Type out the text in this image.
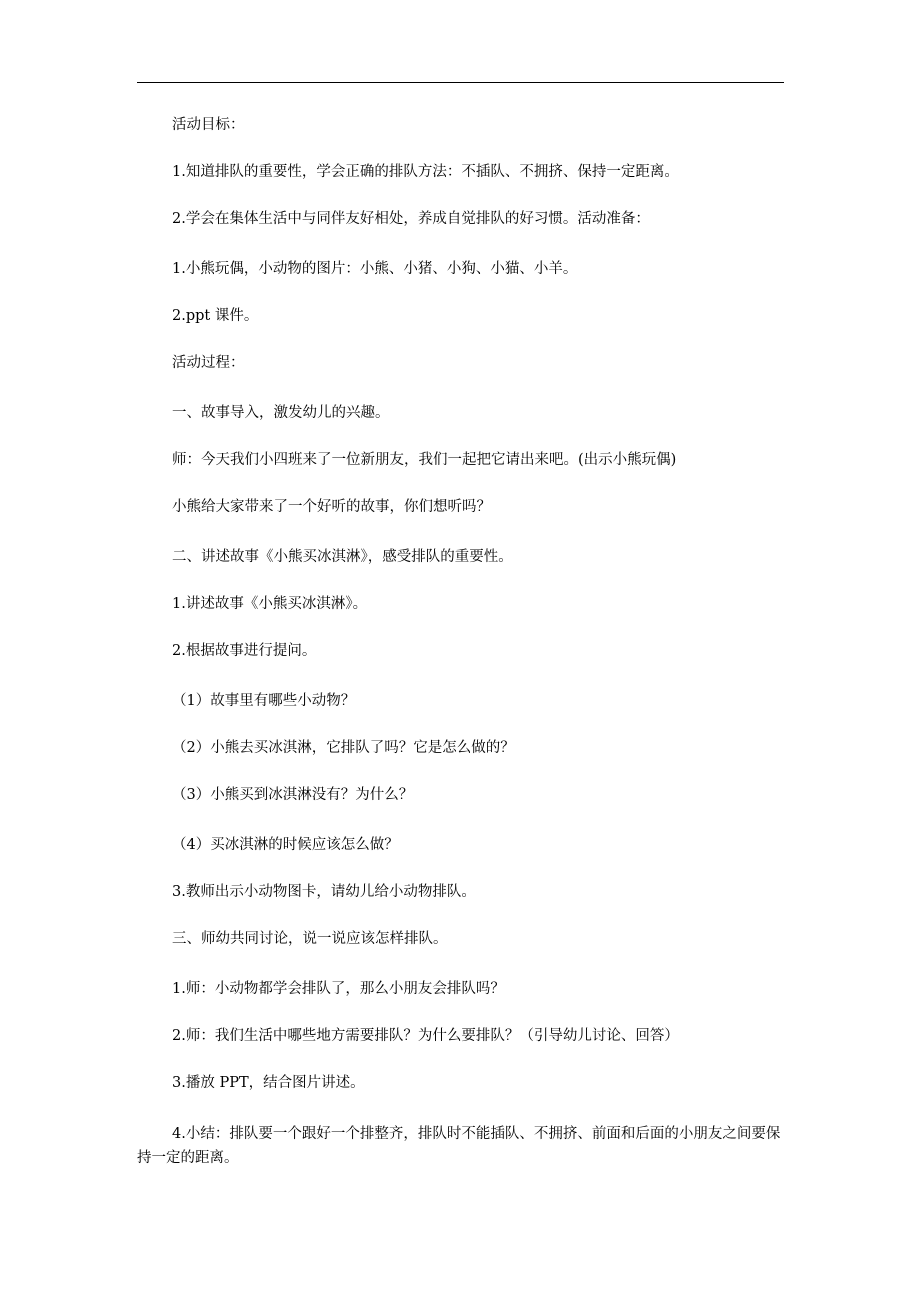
活动目标：
1.知道排队的重要性，学会正确的排队方法：不插队、不拥挤、保持一定距离。
2.学会在集体生活中与同伴友好相处，养成自觉排队的好习惯。活动准备：
1.小熊玩偶，小动物的图片：小熊、小猪、小狗、小猫、小羊。
2.ppt 课件。
活动过程：
一、故事导入，激发幼儿的兴趣。
师：今天我们小四班来了一位新朋友，我们一起把它请出来吧。(出示小熊玩偶)
小熊给大家带来了一个好听的故事，你们想听吗？
二、讲述故事《小熊买冰淇淋》，感受排队的重要性。
1.讲述故事《小熊买冰淇淋》。
2.根据故事进行提问。
（1）故事里有哪些小动物？
（2）小熊去买冰淇淋，它排队了吗？它是怎么做的？
（3）小熊买到冰淇淋没有？为什么？
（4）买冰淇淋的时候应该怎么做？
3.教师出示小动物图卡，请幼儿给小动物排队。
三、师幼共同讨论，说一说应该怎样排队。
1.师：小动物都学会排队了，那么小朋友会排队吗？
2.师：我们生活中哪些地方需要排队？为什么要排队？（引导幼儿讨论、回答）
3.播放 PPT，结合图片讲述。
4.小结：排队要一个跟好一个排整齐，排队时不能插队、不拥挤、前面和后面的小朋友之间要保持一定的距离。
